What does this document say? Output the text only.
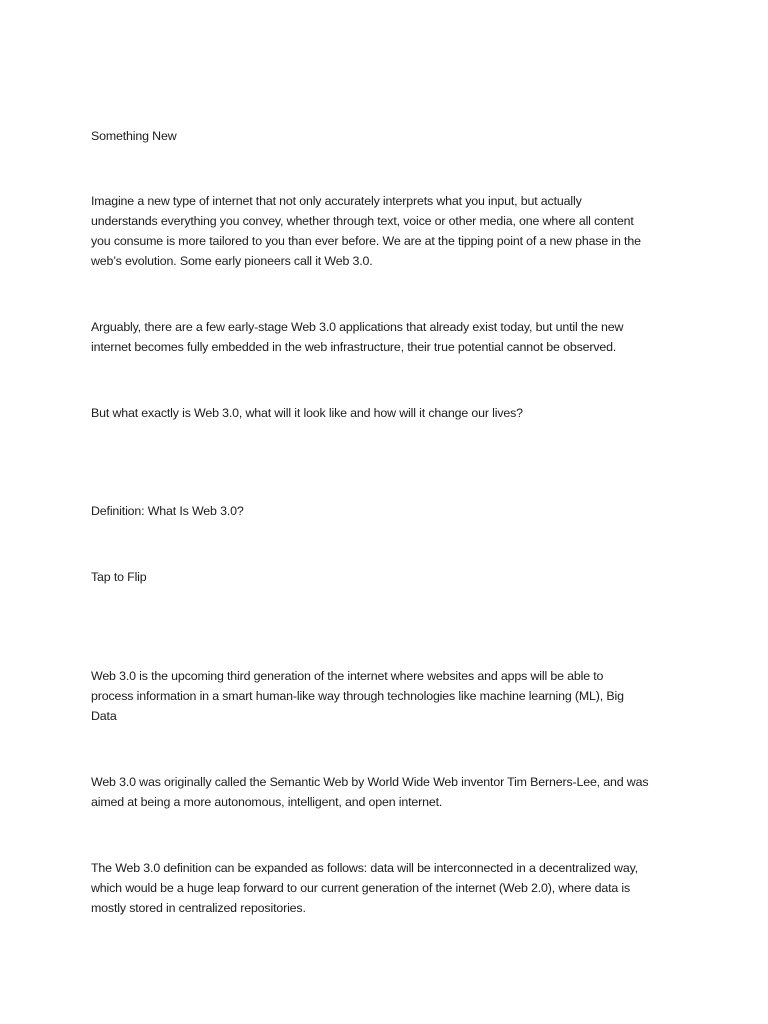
Something New

Imagine a new type of internet that not only accurately interprets what you input, but actually
understands everything you convey, whether through text, voice or other media, one where all content
you consume is more tailored to you than ever before. We are at the tipping point of a new phase in the
web’s evolution. Some early pioneers call it Web 3.0.

Arguably, there are a few early-stage Web 3.0 applications that already exist today, but until the new
internet becomes fully embedded in the web infrastructure, their true potential cannot be observed.

But what exactly is Web 3.0, what will it look like and how will it change our lives?

Definition: What Is Web 3.0?

Tap to Flip

Web 3.0 is the upcoming third generation of the internet where websites and apps will be able to
process information in a smart human-like way through technologies like machine learning (ML), Big
Data

Web 3.0 was originally called the Semantic Web by World Wide Web inventor Tim Berners-Lee, and was
aimed at being a more autonomous, intelligent, and open internet.

The Web 3.0 definition can be expanded as follows: data will be interconnected in a decentralized way,
which would be a huge leap forward to our current generation of the internet (Web 2.0), where data is
mostly stored in centralized repositories.
